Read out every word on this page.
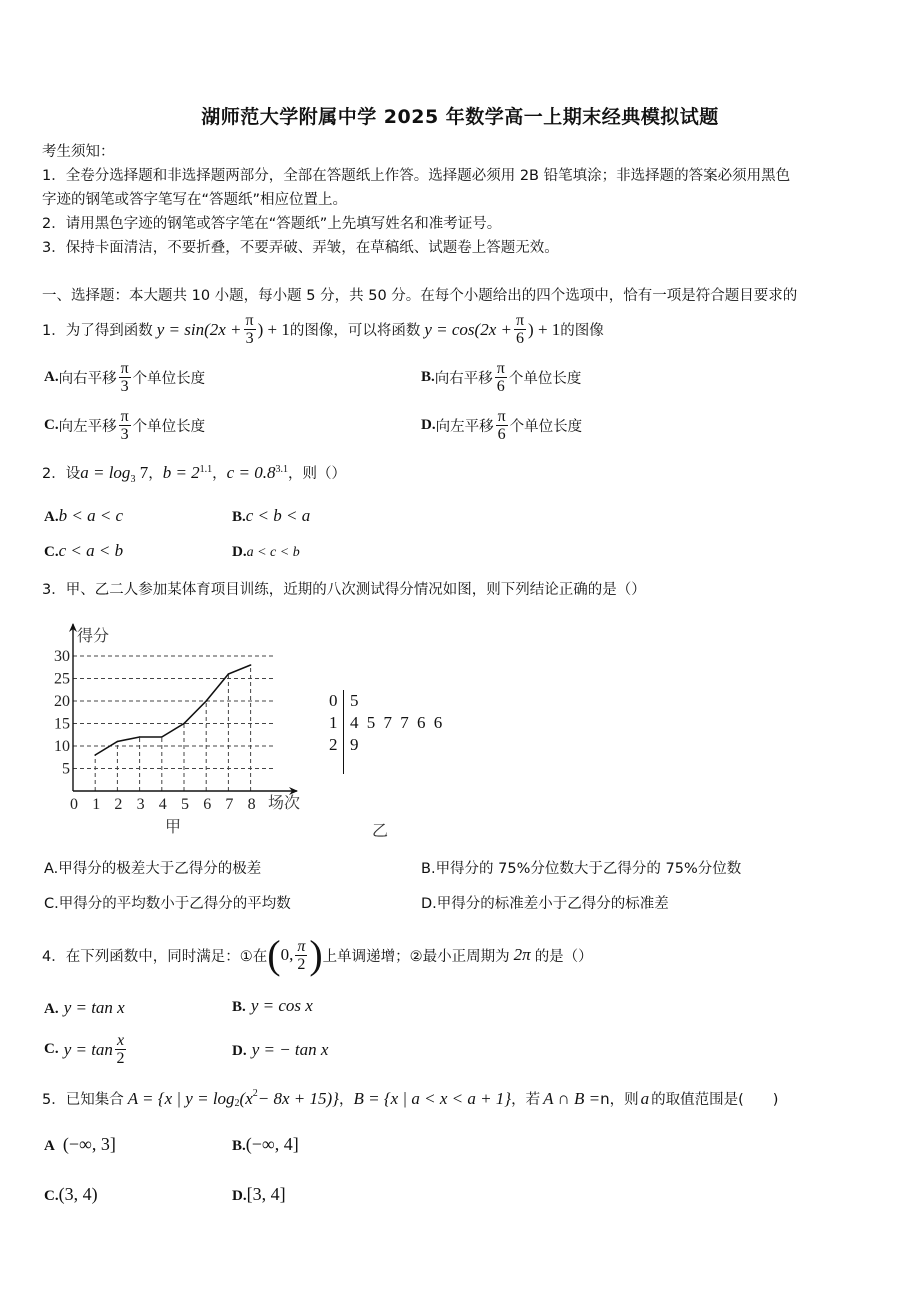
湖师范大学附属中学 2025 年数学高一上期末经典模拟试题
考生须知：
1．全卷分选择题和非选择题两部分，全部在答题纸上作答。选择题必须用 2B 铅笔填涂；非选择题的答案必须用黑色
字迹的钢笔或答字笔写在“答题纸”相应位置上。
2．请用黑色字迹的钢笔或答字笔在“答题纸”上先填写姓名和准考证号。
3．保持卡面清洁，不要折叠，不要弄破、弄皱，在草稿纸、试题卷上答题无效。
一、选择题：本大题共 10 小题，每小题 5 分，共 50 分。在每个小题给出的四个选项中，恰有一项是符合题目要求的
1．为了得到函数 $y = \sin(2x + \frac{\pi}{3}$ ) + 1 的图像，可以将函数 $y = \cos(2x + \frac{\pi}{6}$ ) + 1 的图像
A. 向右平移 $\frac{\pi}{3}$ 个单位长度	B. 向右平移 $\frac{\pi}{6}$ 个单位长度
C. 向左平移 $\frac{\pi}{3}$ 个单位长度	D. 向左平移 $\frac{\pi}{6}$ 个单位长度
2．设$a = \log_3 7$，$b = 2^{1.1}$，$c = 0.8^{3.1}$，则（）
A.b < a < c	B.c < b < a
C.c < a < b	D.a < c < b
3．甲、乙二人参加某体育项目训练，近期的八次测试得分情况如图，则下列结论正确的是（）
5
10
15
20
25
30
0 1 2 3 4 5 6 7 8
得分
场次
甲
0 5
1 4 5 7 7 6 6
2 9
乙
A.甲得分的极差大于乙得分的极差	B.甲得分的 75%分位数大于乙得分的 75%分位数
C.甲得分的平均数小于乙得分的平均数	D.甲得分的标准差小于乙得分的标准差
4．在下列函数中，同时满足：①在 ( 0, $\frac{\pi}{2}$ ) 上单调递增；②最小正周期为 2π 的是（）
A. y = tan x	B. y = cos x
C.
$y = \tan \frac{x}{2}$	D. y = − tan x
5．已知集合 A = {x | $y = \log_2 (x^2 - 8x + 15)$} ， B = {x | a < x < a + 1} ，若 A ∩ B = n ，则 a 的取值范围是(　　)
A (−∞, 3]	B.(−∞, 4]
C.(3, 4)	D.[3, 4]
